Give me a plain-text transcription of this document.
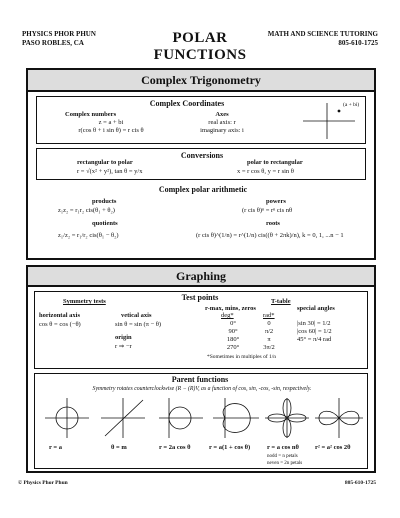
PHYSICS PHOR PHUN
PASO ROBLES, CA	POLAR
FUNCTIONS
MATH AND SCIENCE TUTORING
805-610-1725
Complex Trigonometry
Complex Coordinates
Complex numbers
z = a + bi
r(cos θ + i sin θ) = r cis θ
Axes
real axis: r
imaginary axis: i
(a + bi)
Conversions
rectangular to polar
r = √(x² + y²), tan θ = y/x
polar to rectangular
x = r cos θ, y = r sin θ
Complex polar arithmetic
products
z₁z₂ = r₁r₂ cis(θ₁ + θ₂)
powers
(r cis θ)ⁿ = rⁿ cis nθ
quotients
z₁/z₂ = r₁/r₂ cis(θ₁ − θ₂)
roots
(r cis θ)^(1/n) = r^(1/n) cis((θ + 2πk)/n), k = 0, 1, ...n − 1
Graphing
Test points
Symmetry tests
horizontal axis
cos θ = cos (−θ)
vetical axis
sin θ = sin (π − θ)
origin
r ⇒ −r
T-table
r-max, mins, zeros	special angles
deg*	rad*
0°	0	|sin 30| = 1/2
90°	π/2	|cos 60| = 1/2
180°	π	45° = π/4 rad
270°	3π/2
*Sometimes in multiples of 1/n
Parent functions
Symmetry rotates counterclockwise (R − (R)V, as a function of cos, sin, -cos, -sin, respectively.
r = a	θ = m	r = 2a cos θ	r = a(1 + cos θ)	r = a cos nθ r² = a² cos 2θ
nodd = n petals
neven = 2n petals
© Physics Phor Phun	805-610-1725
